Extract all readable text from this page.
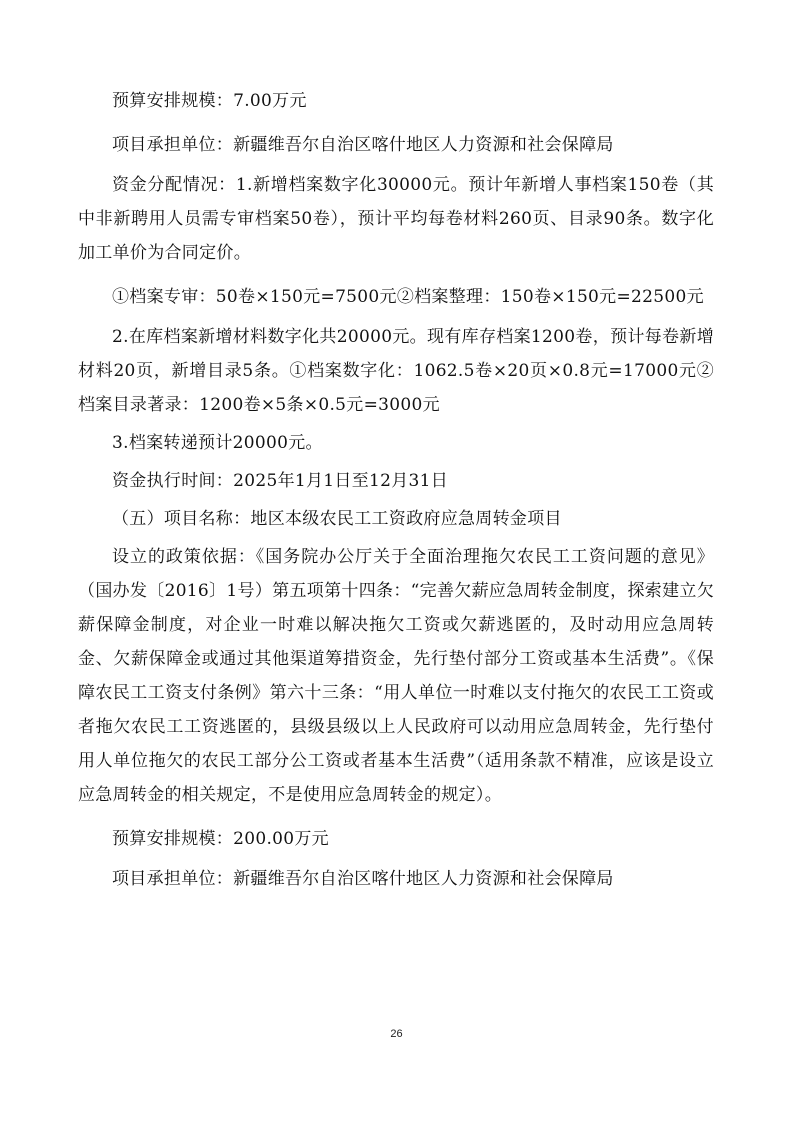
预算安排规模：7.00万元

项目承担单位：新疆维吾尔自治区喀什地区人力资源和社会保障局

资金分配情况：1.新增档案数字化30000元。预计年新增人事档案150卷（其中非新聘用人员需专审档案50卷），预计平均每卷材料260页、目录90条。数字化加工单价为合同定价。

①档案专审：50卷×150元=7500元②档案整理：150卷×150元=22500元

2.在库档案新增材料数字化共20000元。现有库存档案1200卷，预计每卷新增材料20页，新增目录5条。①档案数字化：1062.5卷×20页×0.8元=17000元②档案目录著录：1200卷×5条×0.5元=3000元

3.档案转递预计20000元。

资金执行时间：2025年1月1日至12月31日

（五）项目名称：地区本级农民工工资政府应急周转金项目

设立的政策依据：《国务院办公厅关于全面治理拖欠农民工工资问题的意见》（国办发〔2016〕1号）第五项第十四条：“完善欠薪应急周转金制度，探索建立欠薪保障金制度，对企业一时难以解决拖欠工资或欠薪逃匿的，及时动用应急周转金、欠薪保障金或通过其他渠道筹措资金，先行垫付部分工资或基本生活费”。《保障农民工工资支付条例》第六十三条：“用人单位一时难以支付拖欠的农民工工资或者拖欠农民工工资逃匿的，县级县级以上人民政府可以动用应急周转金，先行垫付用人单位拖欠的农民工部分公工资或者基本生活费”（适用条款不精准，应该是设立应急周转金的相关规定，不是使用应急周转金的规定）。

预算安排规模：200.00万元

项目承担单位：新疆维吾尔自治区喀什地区人力资源和社会保障局

26
